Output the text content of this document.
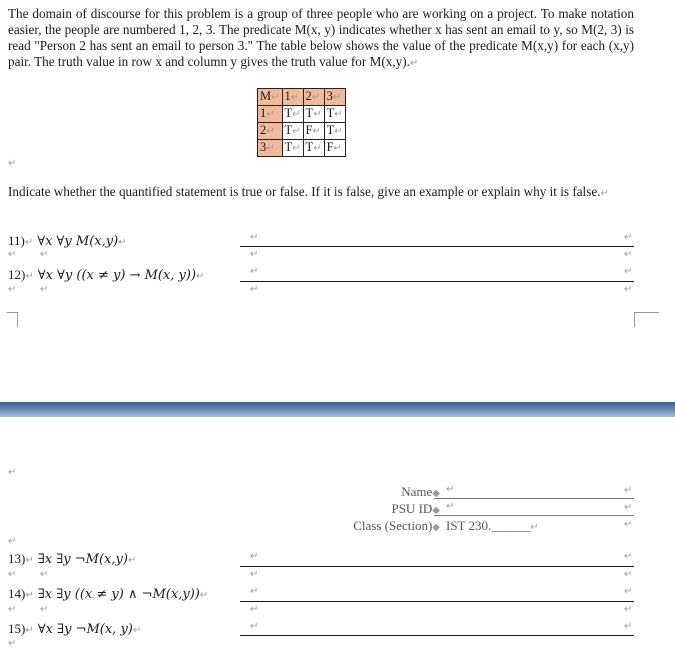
The domain of discourse for this problem is a group of three people who are working on a project. To make notation easier, the people are numbered 1, 2, 3. The predicate M(x, y) indicates whether x has sent an email to y, so M(2, 3) is read "Person 2 has sent an email to person 3." The table below shows the value of the predicate M(x,y) for each (x,y) pair. The truth value in row x and column y gives the truth value for M(x,y).↵

M↵	1↵	2↵	3↵
1↵	T↵	T↵	T↵
2↵	T↵	F↵	T↵
3↵	T↵	T↵	F↵
↵

Indicate whether the quantified statement is true or false. If it is false, give an example or explain why it is false.↵

11)↵ ∀x ∀y M(x,y)↵	↵	↵
↵ ↵	↵	↵
12)↵ ∀x ∀y ((x ≠ y) → M(x, y))↵	↵	↵
↵ ↵	↵	↵
↵
Name◆ ↵	↵
PSU ID◆ ↵	↵
Class (Section)◆ IST 230.______↵	↵
↵
13)↵ ∃x ∃y ¬M(x,y)↵	↵	↵
↵ ↵	↵	↵
14)↵ ∃x ∃y ((x ≠ y) ∧ ¬M(x,y))↵	↵	↵
↵ ↵	↵	↵
15)↵ ∀x ∃y ¬M(x, y)↵	↵	↵
↵
